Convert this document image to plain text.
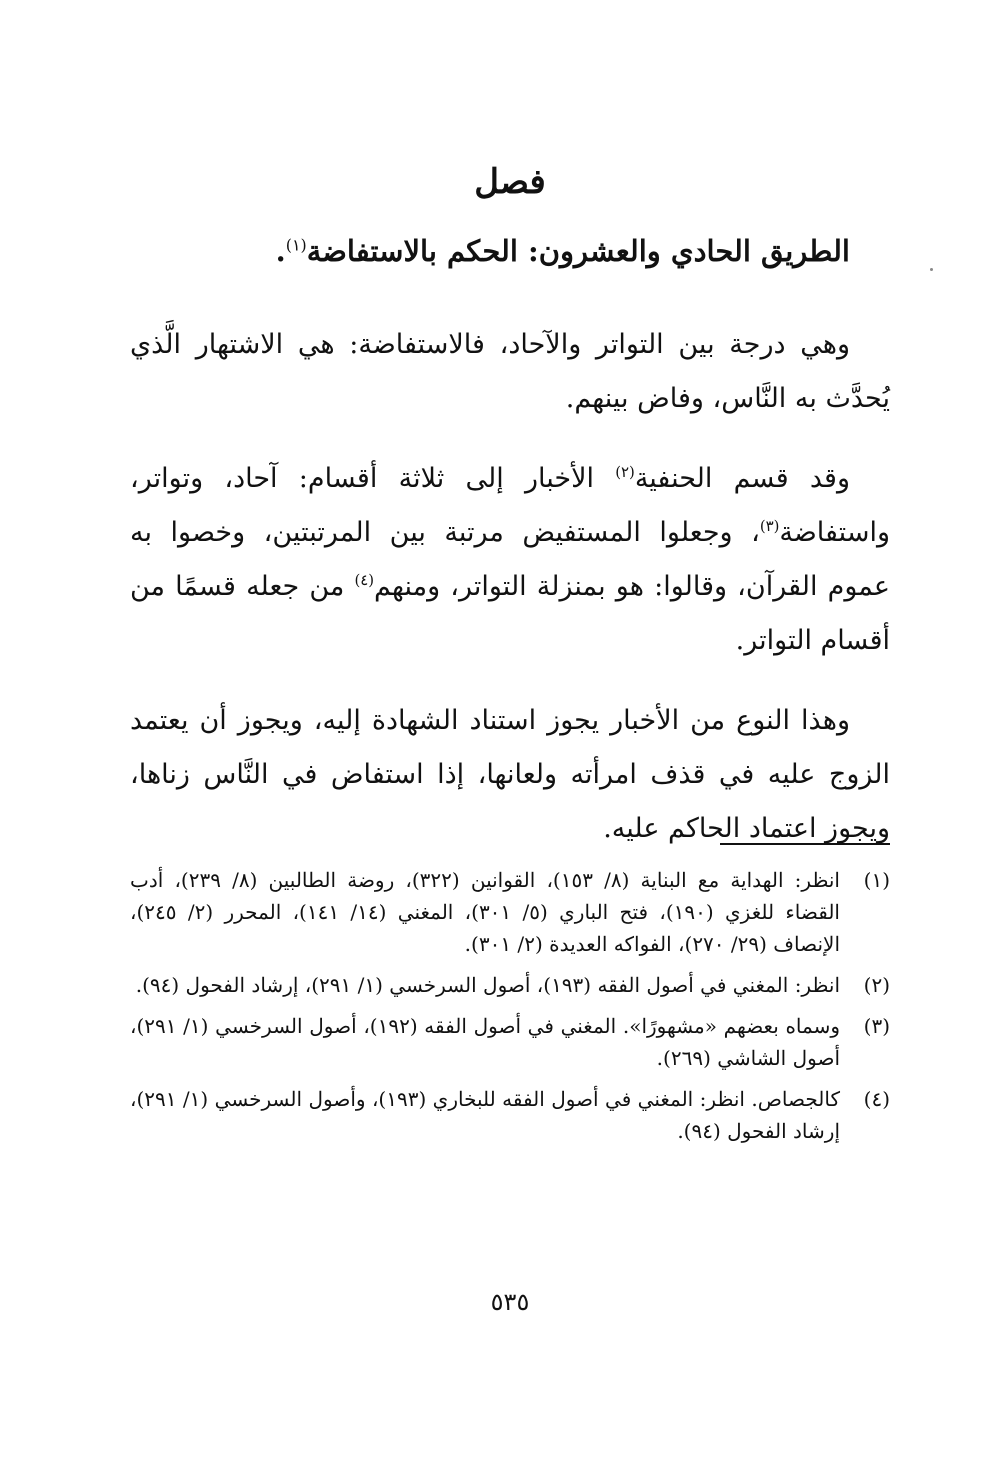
فصل
الطريق الحادي والعشرون: الحكم بالاستفاضة$^{(١)}$.

وهي درجة بين التواتر والآحاد، فالاستفاضة: هي الاشتهار الَّذي يُحدَّث به النَّاس، وفاض بينهم.

وقد قسم الحنفية$^{(٢)}$ الأخبار إلى ثلاثة أقسام: آحاد، وتواتر، واستفاضة$^{(٣)}$، وجعلوا المستفيض مرتبة بين المرتبتين، وخصوا به عموم القرآن، وقالوا: هو بمنزلة التواتر، ومنهم$^{(٤)}$ من جعله قسمًا من أقسام التواتر.

وهذا النوع من الأخبار يجوز استناد الشهادة إليه، ويجوز أن يعتمد الزوج عليه في قذف امرأته ولعانها، إذا استفاض في النَّاس زناها، ويجوز اعتماد الحاكم عليه.

(١)
انظر: الهداية مع البناية (٨/ ١٥٣)، القوانين (٣٢٢)، روضة الطالبين (٨/ ٢٣٩)، أدب القضاء للغزي (١٩٠)، فتح الباري (٥/ ٣٠١)، المغني (١٤/ ١٤١)، المحرر (٢/ ٢٤٥)، الإنصاف (٢٩/ ٢٧٠)، الفواكه العديدة (٢/ ٣٠١).
(٢)
انظر: المغني في أصول الفقه (١٩٣)، أصول السرخسي (١/ ٢٩١)، إرشاد الفحول (٩٤).
(٣)
وسماه بعضهم «مشهورًا». المغني في أصول الفقه (١٩٢)، أصول السرخسي (١/ ٢٩١)، أصول الشاشي (٢٦٩).
(٤)
كالجصاص. انظر: المغني في أصول الفقه للبخاري (١٩٣)، وأصول السرخسي (١/ ٢٩١)، إرشاد الفحول (٩٤).
٥٣٥
